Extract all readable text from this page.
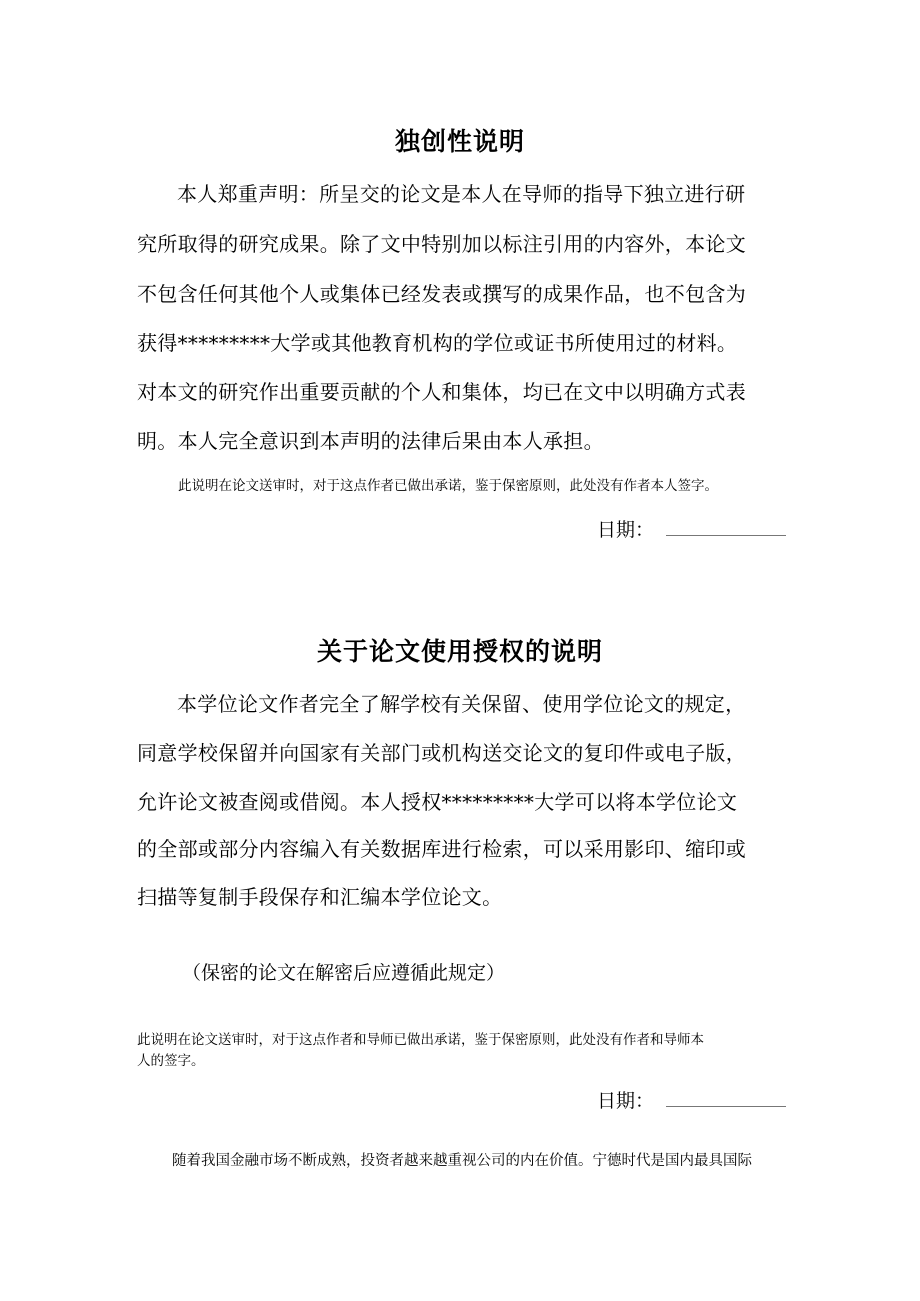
独创性说明

本人郑重声明：所呈交的论文是本人在导师的指导下独立进行研

究所取得的研究成果。除了文中特别加以标注引用的内容外，本论文

不包含任何其他个人或集体已经发表或撰写的成果作品，也不包含为

获得*********大学或其他教育机构的学位或证书所使用过的材料。

对本文的研究作出重要贡献的个人和集体，均已在文中以明确方式表

明。本人完全意识到本声明的法律后果由本人承担。

此说明在论文送审时，对于这点作者已做出承诺，鉴于保密原则，此处没有作者本人签字。

日期：
关于论文使用授权的说明

本学位论文作者完全了解学校有关保留、使用学位论文的规定，

同意学校保留并向国家有关部门或机构送交论文的复印件或电子版，

允许论文被查阅或借阅。本人授权*********大学可以将本学位论文

的全部或部分内容编入有关数据库进行检索，可以采用影印、缩印或

扫描等复制手段保存和汇编本学位论文。

（保密的论文在解密后应遵循此规定）

此说明在论文送审时，对于这点作者和导师已做出承诺，鉴于保密原则，此处没有作者和导师本

人的签字。

日期：

随着我国金融市场不断成熟，投资者越来越重视公司的内在价值。宁德时代是国内最具国际
